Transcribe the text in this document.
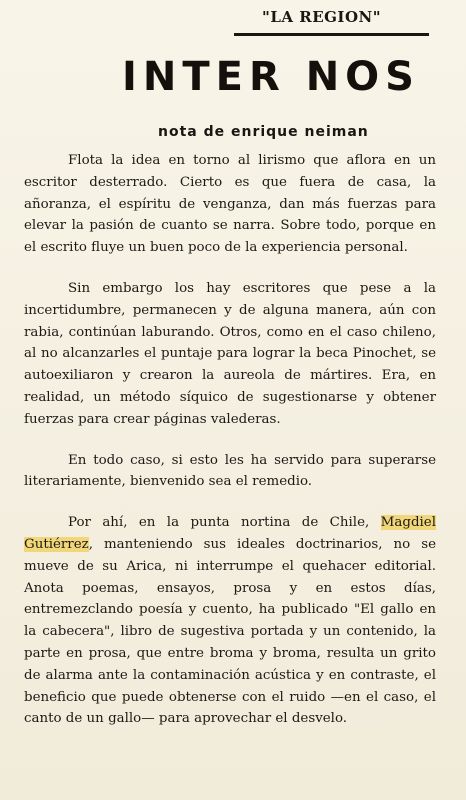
"LA REGION"
INTER NOS
nota de enrique neiman

Flota la idea en torno al lirismo que aflora en un escritor desterrado. Cierto es que fuera de casa, la añoranza, el espíritu de venganza, dan más fuerzas para elevar la pasión de cuanto se narra. Sobre todo, porque en el escrito fluye un buen poco de la experiencia personal.

Sin embargo los hay escritores que pese a la incertidumbre, permanecen y de alguna manera, aún con rabia, continúan laburando. Otros, como en el caso chileno, al no alcanzarles el puntaje para lograr la beca Pinochet, se autoexiliaron y crearon la aureola de mártires. Era, en realidad, un método síquico de sugestionarse y obtener fuerzas para crear páginas valederas.

En todo caso, si esto les ha servido para superarse literariamente, bienvenido sea el remedio.

Por ahí, en la punta nortina de Chile, Magdiel Gutiérrez, manteniendo sus ideales doctrinarios, no se mueve de su Arica, ni interrumpe el quehacer editorial. Anota poemas, ensayos, prosa y en estos días, entremezclando poesía y cuento, ha publicado "El gallo en la cabecera", libro de sugestiva portada y un contenido, la parte en prosa, que entre broma y broma, resulta un grito de alarma ante la contaminación acústica y en contraste, el beneficio que puede obtenerse con el ruido —en el caso, el canto de un gallo— para aprovechar el desvelo.
